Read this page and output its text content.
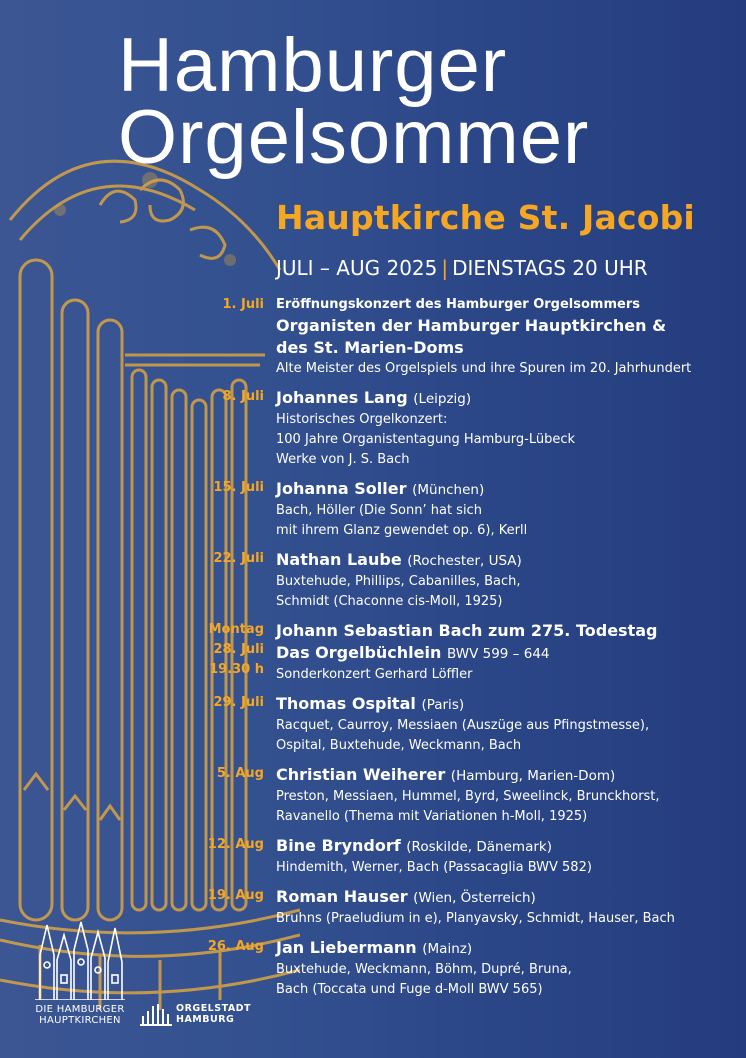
Hamburger
Orgelsommer
Hauptkirche St. Jacobi
JULI – AUG 2025 | DIENSTAGS 20 UHR
1. Juli Eröffnungskonzert des Hamburger Orgelsommers
Organisten der Hamburger Hauptkirchen &
des St. Marien-Doms
Alte Meister des Orgelspiels und ihre Spuren im 20. Jahrhundert
8. Juli Johannes Lang (Leipzig)
Historisches Orgelkonzert:
100 Jahre Organistentagung Hamburg-Lübeck
Werke von J. S. Bach
15. Juli Johanna Soller (München)
Bach, Höller (Die Sonn’ hat sich
mit ihrem Glanz gewendet op. 6), Kerll
22. Juli Nathan Laube (Rochester, USA)
Buxtehude, Phillips, Cabanilles, Bach,
Schmidt (Chaconne cis-Moll, 1925)
Montag
28. Juli
19.30 h
Johann Sebastian Bach zum 275. Todestag
Das Orgelbüchlein BWV 599 – 644
Sonderkonzert Gerhard Löffler
29. Juli Thomas Ospital (Paris)
Racquet, Caurroy, Messiaen (Auszüge aus Pfingstmesse),
Ospital, Buxtehude, Weckmann, Bach
5. Aug Christian Weiherer (Hamburg, Marien-Dom)
Preston, Messiaen, Hummel, Byrd, Sweelinck, Brunckhorst,
Ravanello (Thema mit Variationen h-Moll, 1925)
12. Aug Bine Bryndorf (Roskilde, Dänemark)
Hindemith, Werner, Bach (Passacaglia BWV 582)
19. Aug Roman Hauser (Wien, Österreich)
Bruhns (Praeludium in e), Planyavsky, Schmidt, Hauser, Bach
26. Aug Jan Liebermann (Mainz)
Buxtehude, Weckmann, Böhm, Dupré, Bruna,
Bach (Toccata und Fuge d-Moll BWV 565)
DIE HAMBURGER
HAUPTKIRCHEN
ORGELSTADT
HAMBURG
